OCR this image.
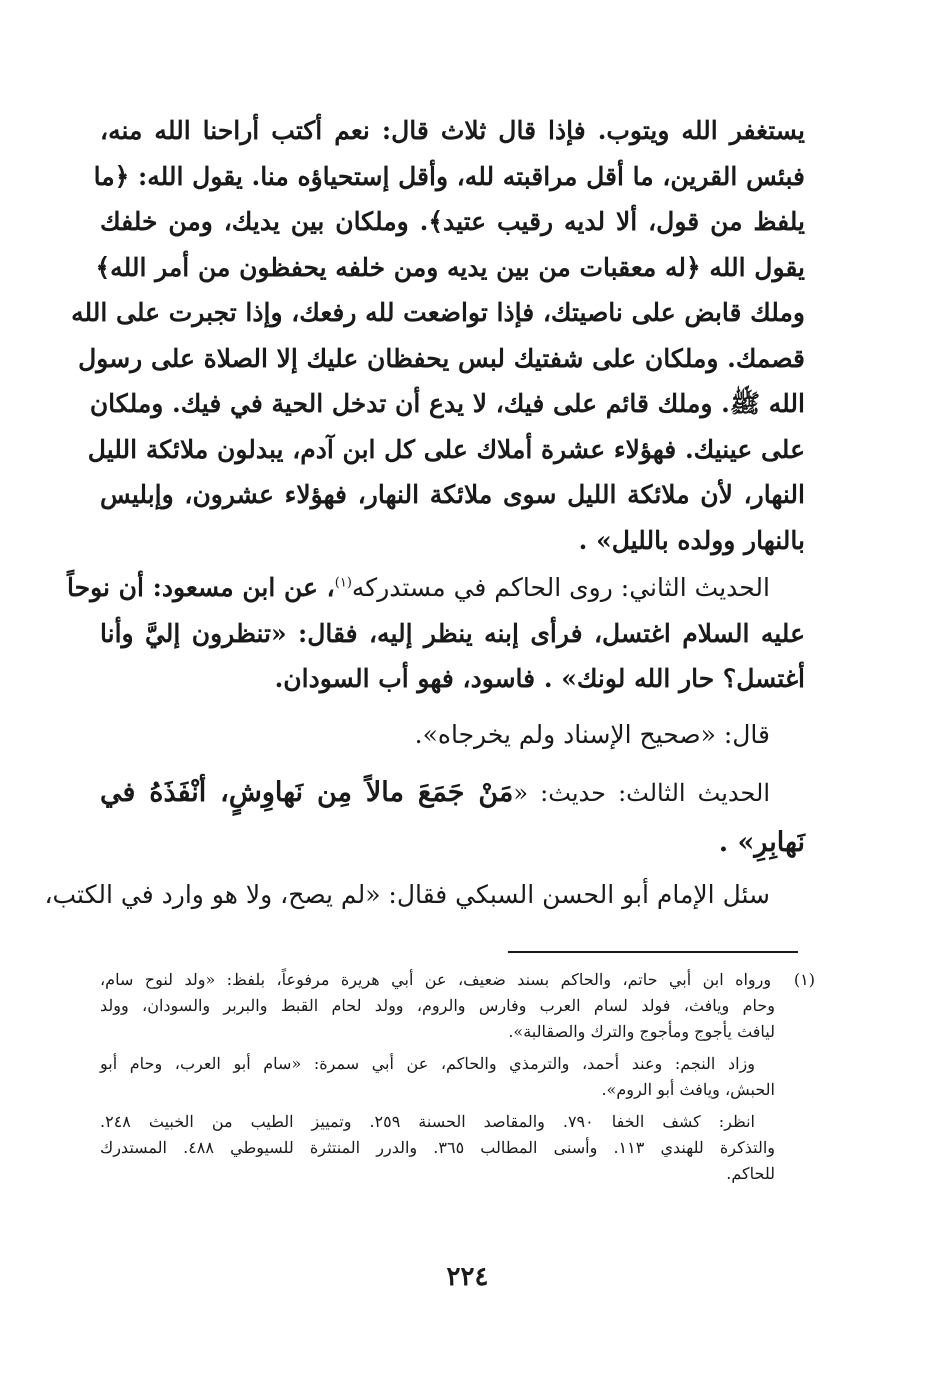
يستغفر الله ويتوب. فإذا قال ثلاث قال: نعم أكتب أراحنا الله منه،
فبئس القرين، ما أقل مراقبته لله، وأقل إستحياؤه منا. يقول الله: ﴿ما
يلفظ من قول، ألا لديه رقيب عتيد﴾. وملكان بين يديك، ومن خلفك
يقول الله ﴿له معقبات من بين يديه ومن خلفه يحفظون من أمر الله﴾
وملك قابض على ناصيتك، فإذا تواضعت لله رفعك، وإذا تجبرت على الله
قصمك. وملكان على شفتيك لبس يحفظان عليك إلا الصلاة على رسول
الله ﷺ. وملك قائم على فيك، لا يدع أن تدخل الحية في فيك. وملكان
على عينيك. فهؤلاء عشرة أملاك على كل ابن آدم، يبدلون ملائكة الليل
النهار، لأن ملائكة الليل سوى ملائكة النهار، فهؤلاء عشرون، وإبليس
بالنهار وولده بالليل» .
الحديث الثاني: روى الحاكم في مستدركه$^{(١)}$، عن ابن مسعود: أن نوحاً
عليه السلام اغتسل، فرأى إبنه ينظر إليه، فقال: «تنظرون إليَّ وأنا
أغتسل؟ حار الله لونك» . فاسود، فهو أب السودان.
قال: «صحيح الإسناد ولم يخرجاه».
الحديث الثالث: حديث: «مَنْ جَمَعَ مالاً مِن نَهاوِشٍ، أنْفَذَهُ في
نَهابِرِ» .
سئل الإمام أبو الحسن السبكي فقال: «لم يصح، ولا هو وارد في الكتب،
(١)  ورواه ابن أبي حاتم، والحاكم بسند ضعيف، عن أبي هريرة مرفوعاً، بلفظ: «ولد لنوح سام،
وحام ويافث، فولد لسام العرب وفارس والروم، وولد لحام القبط والبربر والسودان، وولد
ليافث يأجوج ومأجوج والترك والصقالبة».
وزاد النجم: وعند أحمد، والترمذي والحاكم، عن أبي سمرة: «سام أبو العرب، وحام أبو
الحبش، ويافث أبو الروم».
انظر: كشف الخفا ٧٩٠. والمقاصد الحسنة ٢٥٩. وتمييز الطيب من الخبيث ٢٤٨.
والتذكرة للهندي ١١٣. وأسنى المطالب ٣٦٥. والدرر المنتثرة للسيوطي ٤٨٨. المستدرك
للحاكم.
٢٢٤
